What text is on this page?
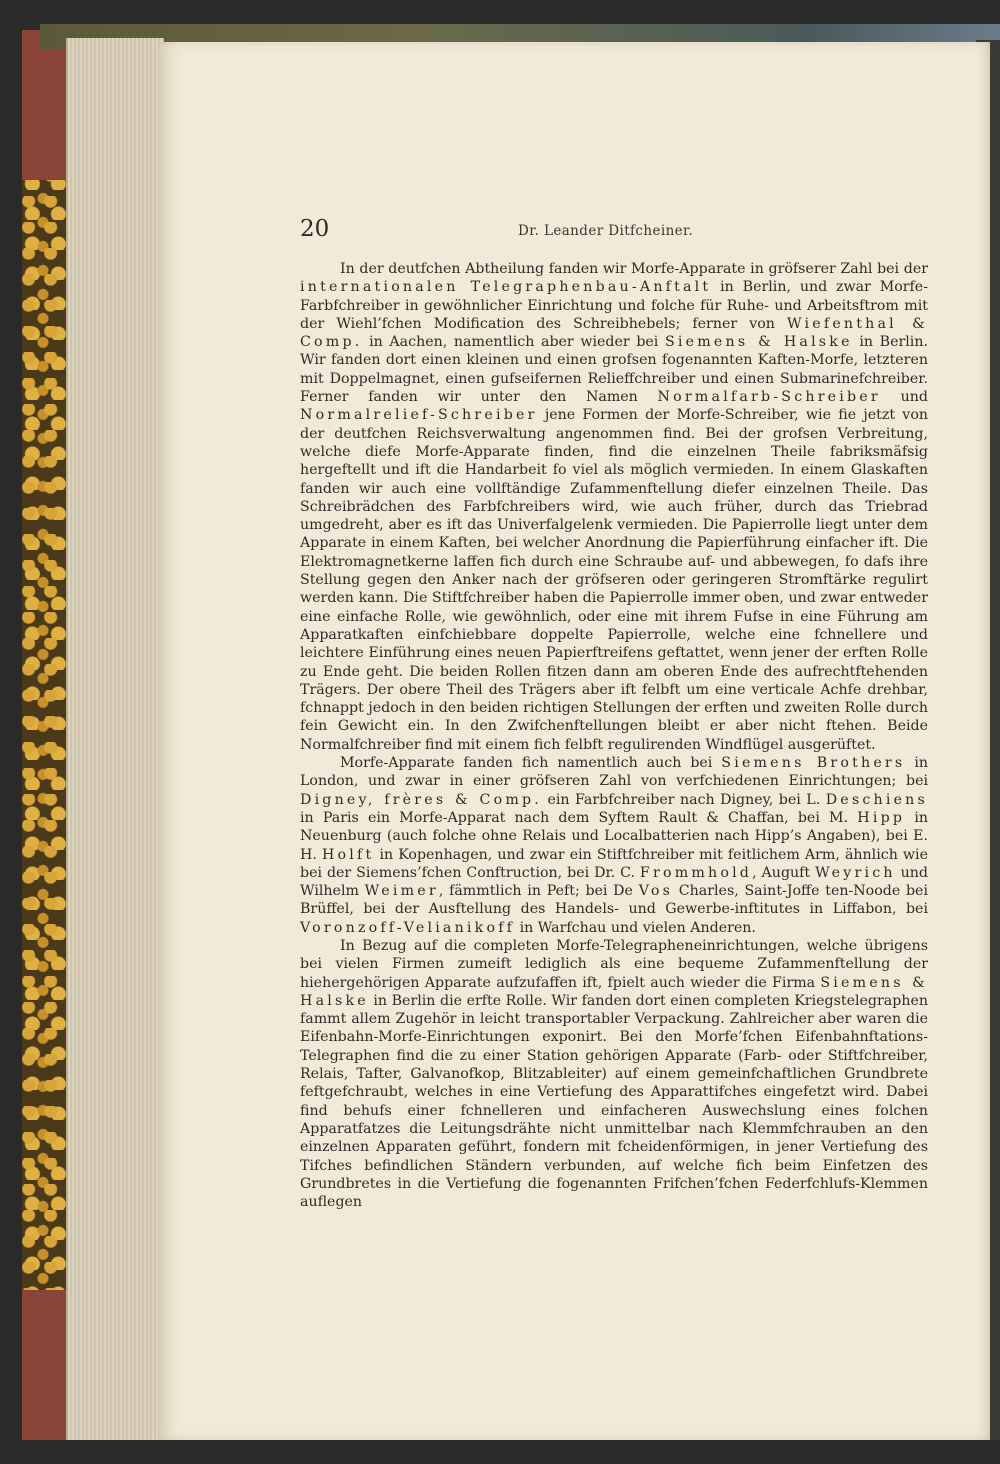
20	Dr. Leander Ditfcheiner.

In der deutfchen Abtheilung fanden wir Morfe-Apparate in gröfserer Zahl bei der internationalen Telegraphenbau-Anftalt in Berlin, und zwar Morfe-Farbfchreiber in gewöhnlicher Einrichtung und folche für Ruhe- und Arbeitsftrom mit der Wiehl’fchen Modification des Schreibhebels; ferner von Wiefenthal & Comp. in Aachen, namentlich aber wieder bei Siemens & Halske in Berlin. Wir fanden dort einen kleinen und einen grofsen fogenannten Kaften-Morfe, letzteren mit Doppelmagnet, einen gufseifernen Relieffchreiber und einen Submarinefchreiber. Ferner fanden wir unter den Namen Normalfarb-Schreiber und Normalrelief-Schreiber jene Formen der Morfe-Schreiber, wie fie jetzt von der deutfchen Reichsverwaltung angenommen find. Bei der grofsen Verbreitung, welche diefe Morfe-Apparate finden, find die einzelnen Theile fabriksmäfsig hergeftellt und ift die Handarbeit fo viel als möglich vermieden. In einem Glaskaften fanden wir auch eine vollftändige Zufammenftellung diefer einzelnen Theile. Das Schreibrädchen des Farbfchreibers wird, wie auch früher, durch das Triebrad umgedreht, aber es ift das Univerfalgelenk vermieden. Die Papierrolle liegt unter dem Apparate in einem Kaften, bei welcher Anordnung die Papierführung einfacher ift. Die Elektromagnetkerne laffen fich durch eine Schraube auf- und abbewegen, fo dafs ihre Stellung gegen den Anker nach der gröfseren oder geringeren Stromftärke regulirt werden kann. Die Stiftfchreiber haben die Papierrolle immer oben, und zwar entweder eine einfache Rolle, wie gewöhnlich, oder eine mit ihrem Fufse in eine Führung am Apparatkaften einfchiebbare doppelte Papierrolle, welche eine fchnellere und leichtere Einführung eines neuen Papierftreifens geftattet, wenn jener der erften Rolle zu Ende geht. Die beiden Rollen fitzen dann am oberen Ende des aufrechtftehenden Trägers. Der obere Theil des Trägers aber ift felbft um eine verticale Achfe drehbar, fchnappt jedoch in den beiden richtigen Stellungen der erften und zweiten Rolle durch fein Gewicht ein. In den Zwifchenftellungen bleibt er aber nicht ftehen. Beide Normalfchreiber find mit einem fich felbft regulirenden Windflügel ausgerüftet.

Morfe-Apparate fanden fich namentlich auch bei Siemens Brothers in London, und zwar in einer gröfseren Zahl von verfchiedenen Einrichtungen; bei Digney, frères & Comp. ein Farbfchreiber nach Digney, bei L. Deschiens in Paris ein Morfe-Apparat nach dem Syftem Rault & Chaffan, bei M. Hipp in Neuenburg (auch folche ohne Relais und Localbatterien nach Hipp’s Angaben), bei E. H. Holft in Kopenhagen, und zwar ein Stiftfchreiber mit feitlichem Arm, ähnlich wie bei der Siemens’fchen Conftruction, bei Dr. C. Frommhold, Auguft Weyrich und Wilhelm Weimer, fämmtlich in Peft; bei De Vos Charles, Saint-Joffe ten-Noode bei Brüffel, bei der Ausftellung des Handels- und Gewerbe-inftitutes in Liffabon, bei Voronzoff-Velianikoff in Warfchau und vielen Anderen.

In Bezug auf die completen Morfe-Telegrapheneinrichtungen, welche übrigens bei vielen Firmen zumeift lediglich als eine bequeme Zufammenftellung der hiehergehörigen Apparate aufzufaffen ift, fpielt auch wieder die Firma Siemens & Halske in Berlin die erfte Rolle. Wir fanden dort einen completen Kriegstelegraphen fammt allem Zugehör in leicht transportabler Verpackung. Zahlreicher aber waren die Eifenbahn-Morfe-Einrichtungen exponirt. Bei den Morfe’fchen Eifenbahnftations-Telegraphen find die zu einer Station gehörigen Apparate (Farb- oder Stiftfchreiber, Relais, Tafter, Galvanofkop, Blitzableiter) auf einem gemeinfchaftlichen Grundbrete feftgefchraubt, welches in eine Vertiefung des Apparattifches eingefetzt wird. Dabei find behufs einer fchnelleren und einfacheren Auswechslung eines folchen Apparatfatzes die Leitungsdrähte nicht unmittelbar nach Klemmfchrauben an den einzelnen Apparaten geführt, fondern mit fcheidenförmigen, in jener Vertiefung des Tifches befindlichen Ständern verbunden, auf welche fich beim Einfetzen des Grundbretes in die Vertiefung die fogenannten Frifchen’fchen Federfchlufs-Klemmen auflegen
